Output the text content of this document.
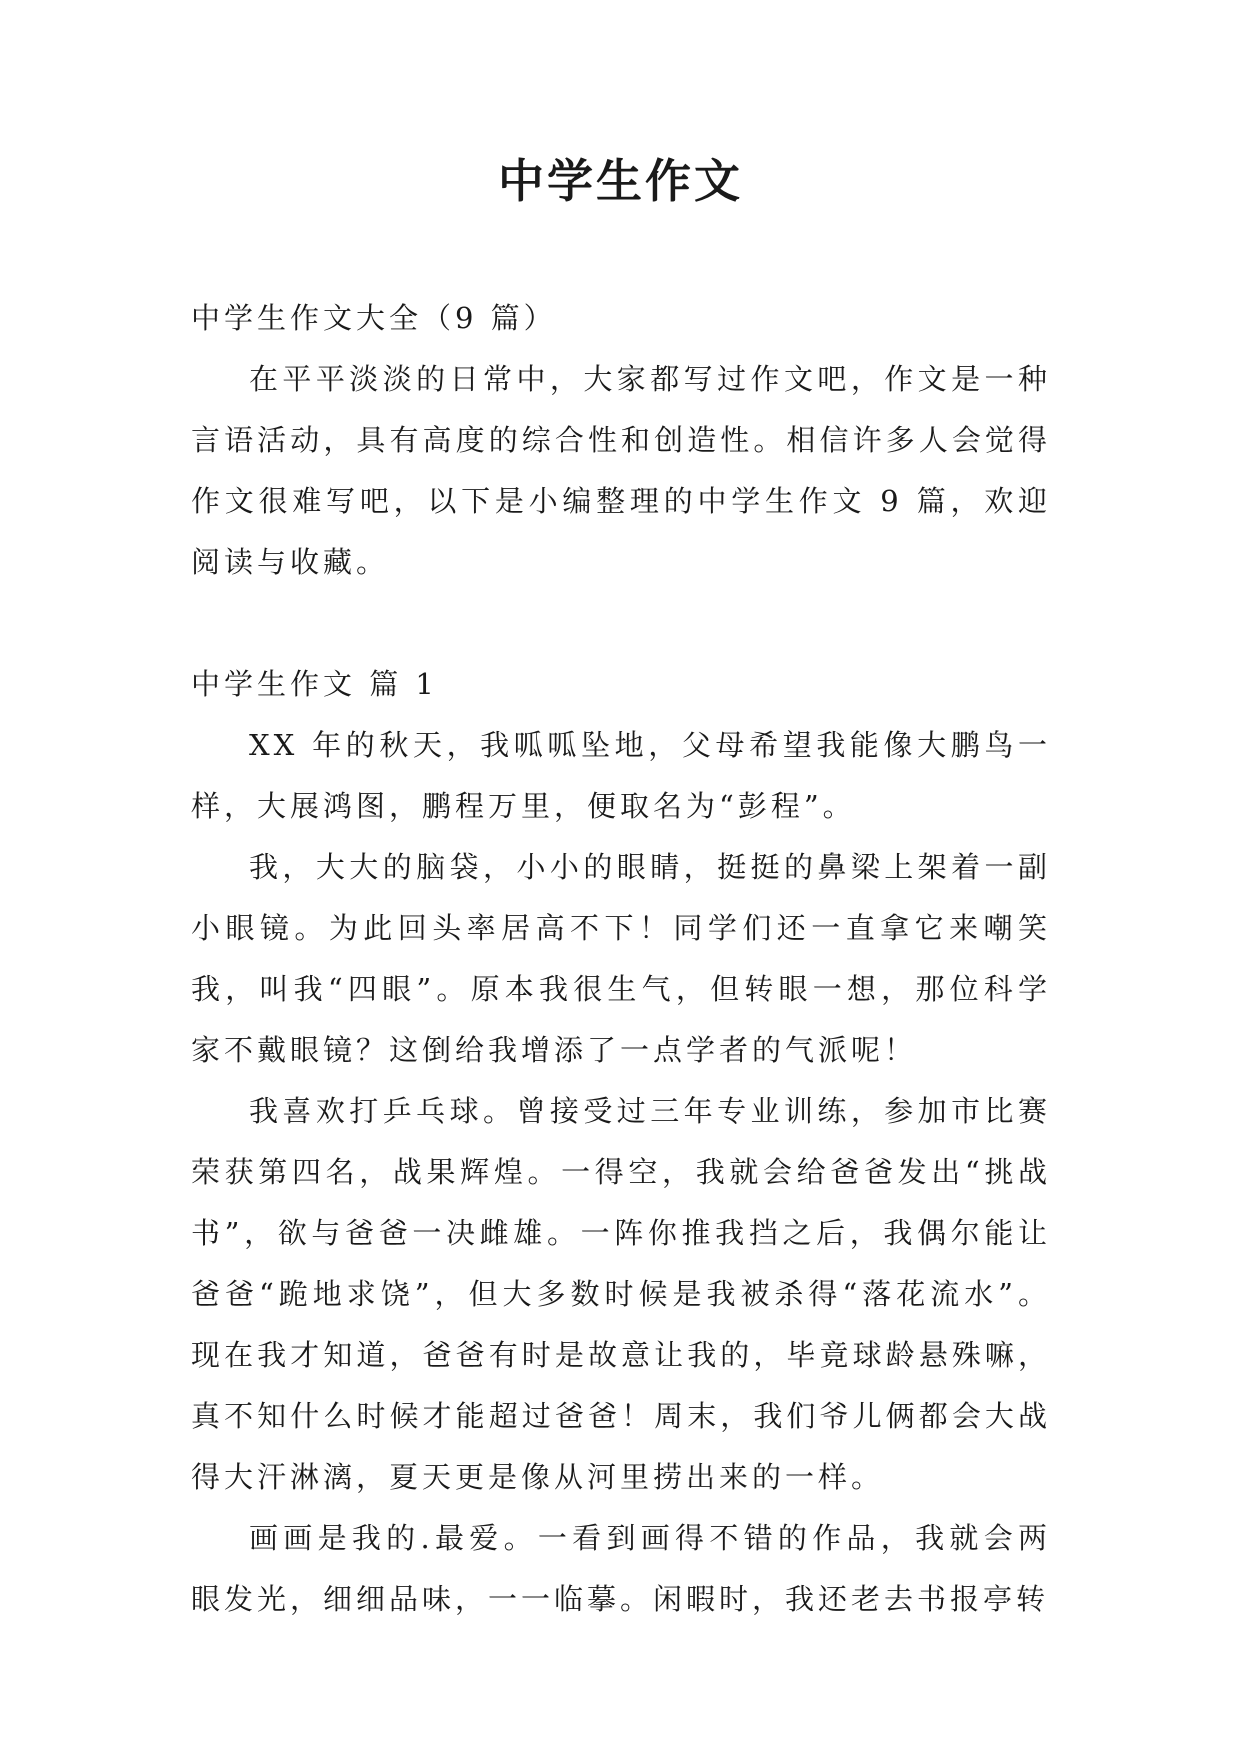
中学生作文

中学生作文大全（9 篇）

在平平淡淡的日常中，大家都写过作文吧，作文是一种言语活动，具有高度的综合性和创造性。相信许多人会觉得作文很难写吧，以下是小编整理的中学生作文 9 篇，欢迎阅读与收藏。

中学生作文 篇 1

XX 年的秋天，我呱呱坠地，父母希望我能像大鹏鸟一样，大展鸿图，鹏程万里，便取名为“彭程”。

我，大大的脑袋，小小的眼睛，挺挺的鼻梁上架着一副小眼镜。为此回头率居高不下！同学们还一直拿它来嘲笑我，叫我“四眼”。原本我很生气，但转眼一想，那位科学家不戴眼镜？这倒给我增添了一点学者的气派呢！

我喜欢打乒乓球。曾接受过三年专业训练，参加市比赛荣获第四名，战果辉煌。一得空，我就会给爸爸发出“挑战书”，欲与爸爸一决雌雄。一阵你推我挡之后，我偶尔能让爸爸“跪地求饶”，但大多数时候是我被杀得“落花流水”。现在我才知道，爸爸有时是故意让我的，毕竟球龄悬殊嘛，真不知什么时候才能超过爸爸！周末，我们爷儿俩都会大战得大汗淋漓，夏天更是像从河里捞出来的一样。

画画是我的.最爱。一看到画得不错的作品，我就会两眼发光，细细品味，一一临摹。闲暇时，我还老去书报亭转
